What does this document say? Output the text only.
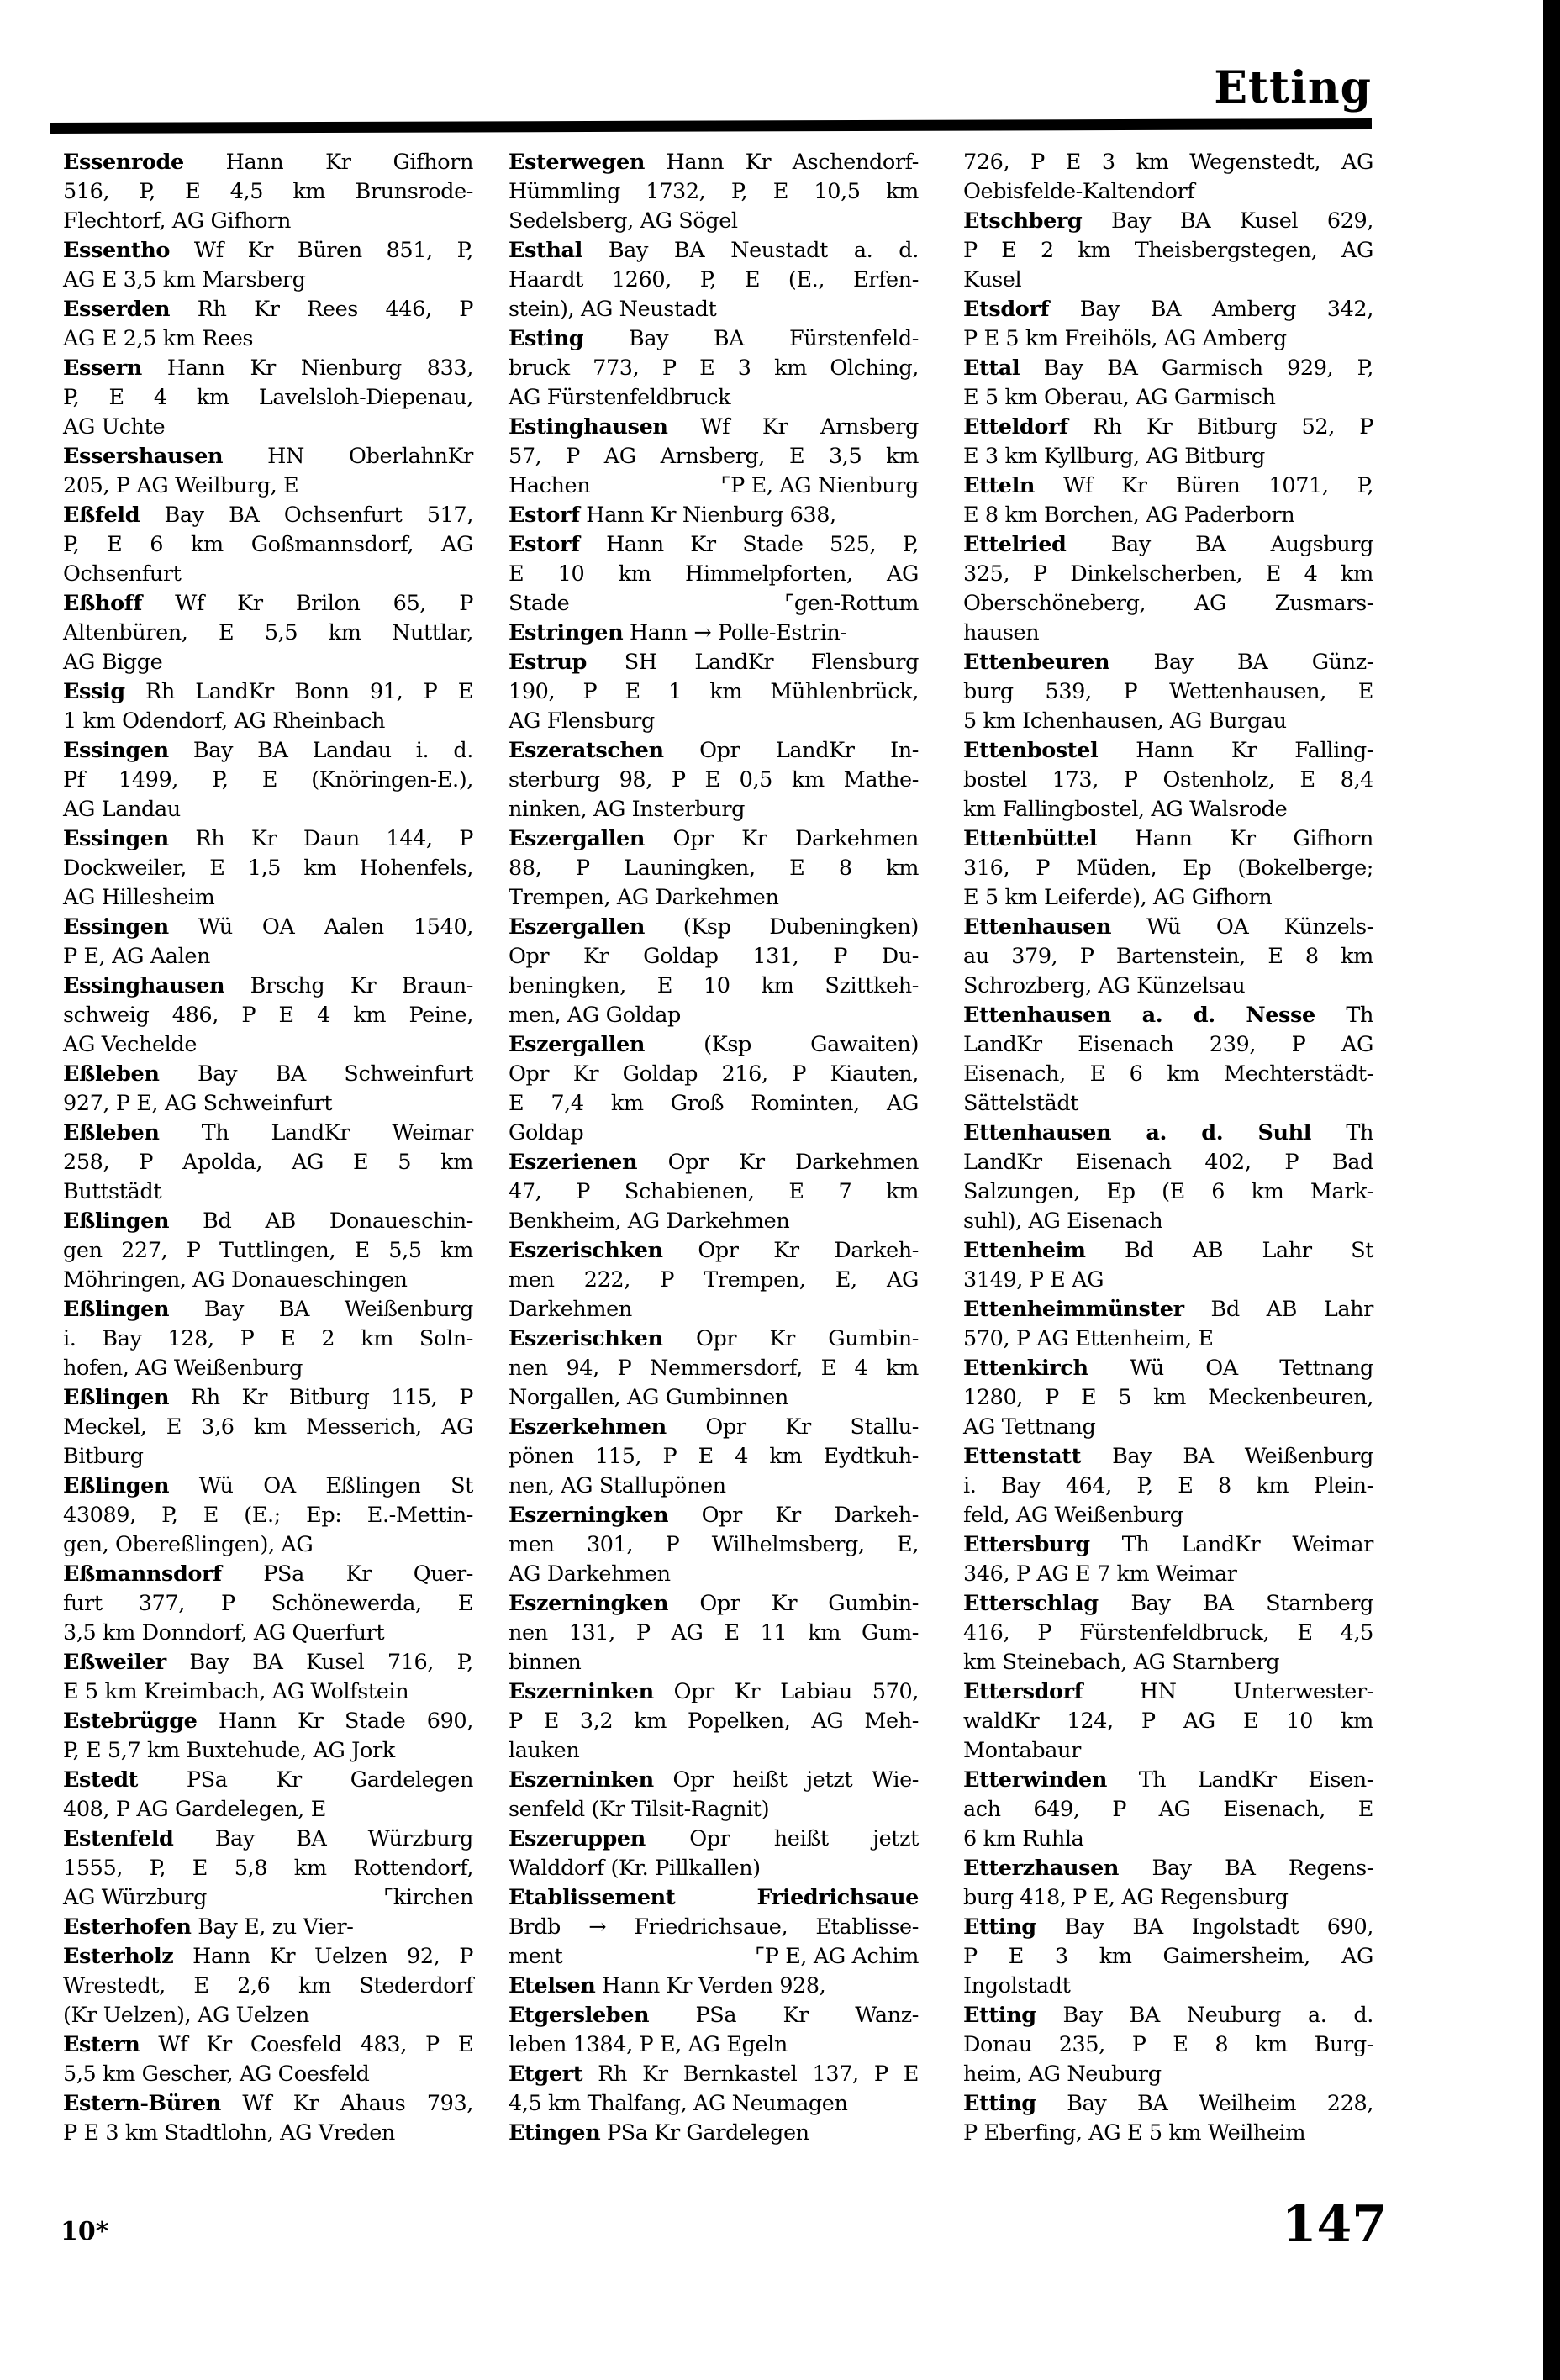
Etting
Essenrode Hann Kr Gifhorn
516, P, E 4,5 km Brunsrode-
Flechtorf, AG Gifhorn
Essentho Wf Kr Büren 851, P,
AG E 3,5 km Marsberg
Esserden Rh Kr Rees 446, P
AG E 2,5 km Rees
Essern Hann Kr Nienburg 833,
P, E 4 km Lavelsloh-Diepenau,
AG Uchte
Essershausen HN OberlahnKr
205, P AG Weilburg, E
Eßfeld Bay BA Ochsenfurt 517,
P, E 6 km Goßmannsdorf, AG
Ochsenfurt
Eßhoff Wf Kr Brilon 65, P
Altenbüren, E 5,5 km Nuttlar,
AG Bigge
Essig Rh LandKr Bonn 91, P E
1 km Odendorf, AG Rheinbach
Essingen Bay BA Landau i. d.
Pf 1499, P, E (Knöringen-E.),
AG Landau
Essingen Rh Kr Daun 144, P
Dockweiler, E 1,5 km Hohenfels,
AG Hillesheim
Essingen Wü OA Aalen 1540,
P E, AG Aalen
Essinghausen Brschg Kr Braun-
schweig 486, P E 4 km Peine,
AG Vechelde
Eßleben Bay BA Schweinfurt
927, P E, AG Schweinfurt
Eßleben Th LandKr Weimar
258, P Apolda, AG E 5 km
Buttstädt
Eßlingen Bd AB Donaueschin-
gen 227, P Tuttlingen, E 5,5 km
Möhringen, AG Donaueschingen
Eßlingen Bay BA Weißenburg
i. Bay 128, P E 2 km Soln-
hofen, AG Weißenburg
Eßlingen Rh Kr Bitburg 115, P
Meckel, E 3,6 km Messerich, AG
Bitburg
Eßlingen Wü OA Eßlingen St
43089, P, E (E.; Ep: E.-Mettin-
gen, Obereßlingen), AG
Eßmannsdorf PSa Kr Quer-
furt 377, P Schönewerda, E
3,5 km Donndorf, AG Querfurt
Eßweiler Bay BA Kusel 716, P,
E 5 km Kreimbach, AG Wolfstein
Estebrügge Hann Kr Stade 690,
P, E 5,7 km Buxtehude, AG Jork
Estedt PSa Kr Gardelegen
408, P AG Gardelegen, E
Estenfeld Bay BA Würzburg
1555, P, E 5,8 km Rottendorf,
AG Würzburg	⌜kirchen
Esterhofen Bay E, zu Vier-
Esterholz Hann Kr Uelzen 92, P
Wrestedt, E 2,6 km Stederdorf
(Kr Uelzen), AG Uelzen
Estern Wf Kr Coesfeld 483, P E
5,5 km Gescher, AG Coesfeld
Estern-Büren Wf Kr Ahaus 793,
P E 3 km Stadtlohn, AG Vreden
Esterwegen Hann Kr Aschendorf-
Hümmling 1732, P, E 10,5 km
Sedelsberg, AG Sögel
Esthal Bay BA Neustadt a. d.
Haardt 1260, P, E (E., Erfen-
stein), AG Neustadt
Esting Bay BA Fürstenfeld-
bruck 773, P E 3 km Olching,
AG Fürstenfeldbruck
Estinghausen Wf Kr Arnsberg
57, P AG Arnsberg, E 3,5 km
Hachen	⌜P E, AG Nienburg
Estorf Hann Kr Nienburg 638,
Estorf Hann Kr Stade 525, P,
E 10 km Himmelpforten, AG
Stade	⌜gen-Rottum
Estringen Hann → Polle-Estrin-
Estrup SH LandKr Flensburg
190, P E 1 km Mühlenbrück,
AG Flensburg
Eszeratschen Opr LandKr In-
sterburg 98, P E 0,5 km Mathe-
ninken, AG Insterburg
Eszergallen Opr Kr Darkehmen
88, P Launingken, E 8 km
Trempen, AG Darkehmen
Eszergallen (Ksp Dubeningken)
Opr Kr Goldap 131, P Du-
beningken, E 10 km Szittkeh-
men, AG Goldap
Eszergallen	(Ksp	Gawaiten)
Opr Kr Goldap 216, P Kiauten,
E 7,4 km Groß Rominten, AG
Goldap
Eszerienen Opr Kr Darkehmen
47, P Schabienen, E 7 km
Benkheim, AG Darkehmen
Eszerischken Opr Kr Darkeh-
men 222, P Trempen, E, AG
Darkehmen
Eszerischken Opr Kr Gumbin-
nen 94, P Nemmersdorf, E 4 km
Norgallen, AG Gumbinnen
Eszerkehmen Opr Kr Stallu-
pönen 115, P E 4 km Eydtkuh-
nen, AG Stallupönen
Eszerningken Opr Kr Darkeh-
men 301, P Wilhelmsberg, E,
AG Darkehmen
Eszerningken Opr Kr Gumbin-
nen 131, P AG E 11 km Gum-
binnen
Eszerninken Opr Kr Labiau 570,
P E 3,2 km Popelken, AG Meh-
lauken
Eszerninken Opr heißt jetzt Wie-
senfeld (Kr Tilsit-Ragnit)
Eszeruppen Opr heißt jetzt
Walddorf (Kr. Pillkallen)
Etablissement	Friedrichsaue
Brdb → Friedrichsaue, Etablisse-
ment	⌜P E, AG Achim
Etelsen Hann Kr Verden 928,
Etgersleben PSa Kr Wanz-
leben 1384, P E, AG Egeln
Etgert Rh Kr Bernkastel 137, P E
4,5 km Thalfang, AG Neumagen
Etingen PSa Kr Gardelegen
726, P E 3 km Wegenstedt, AG
Oebisfelde-Kaltendorf
Etschberg Bay BA Kusel 629,
P E 2 km Theisbergstegen, AG
Kusel
Etsdorf Bay BA Amberg 342,
P E 5 km Freihöls, AG Amberg
Ettal Bay BA Garmisch 929, P,
E 5 km Oberau, AG Garmisch
Etteldorf Rh Kr Bitburg 52, P
E 3 km Kyllburg, AG Bitburg
Etteln Wf Kr Büren 1071, P,
E 8 km Borchen, AG Paderborn
Ettelried Bay BA Augsburg
325, P Dinkelscherben, E 4 km
Oberschöneberg, AG Zusmars-
hausen
Ettenbeuren Bay BA Günz-
burg 539, P Wettenhausen, E
5 km Ichenhausen, AG Burgau
Ettenbostel Hann Kr Falling-
bostel 173, P Ostenholz, E 8,4
km Fallingbostel, AG Walsrode
Ettenbüttel Hann Kr Gifhorn
316, P Müden, Ep (Bokelberge;
E 5 km Leiferde), AG Gifhorn
Ettenhausen Wü OA Künzels-
au 379, P Bartenstein, E 8 km
Schrozberg, AG Künzelsau
Ettenhausen a. d. Nesse Th
LandKr Eisenach 239, P AG
Eisenach, E 6 km Mechterstädt-
Sättelstädt
Ettenhausen a. d. Suhl Th
LandKr Eisenach 402, P Bad
Salzungen, Ep (E 6 km Mark-
suhl), AG Eisenach
Ettenheim Bd AB Lahr St
3149, P E AG
Ettenheimmünster Bd AB Lahr
570, P AG Ettenheim, E
Ettenkirch Wü OA Tettnang
1280, P E 5 km Meckenbeuren,
AG Tettnang
Ettenstatt Bay BA Weißenburg
i. Bay 464, P, E 8 km Plein-
feld, AG Weißenburg
Ettersburg Th LandKr Weimar
346, P AG E 7 km Weimar
Etterschlag Bay BA Starnberg
416, P Fürstenfeldbruck, E 4,5
km Steinebach, AG Starnberg
Ettersdorf	HN	Unterwester-
waldKr 124, P AG E 10 km
Montabaur
Etterwinden Th LandKr Eisen-
ach 649, P AG Eisenach, E
6 km Ruhla
Etterzhausen Bay BA Regens-
burg 418, P E, AG Regensburg
Etting Bay BA Ingolstadt 690,
P E 3 km Gaimersheim, AG
Ingolstadt
Etting Bay BA Neuburg a. d.
Donau 235, P E 8 km Burg-
heim, AG Neuburg
Etting Bay BA Weilheim 228,
P Eberfing, AG E 5 km Weilheim
10*	147
